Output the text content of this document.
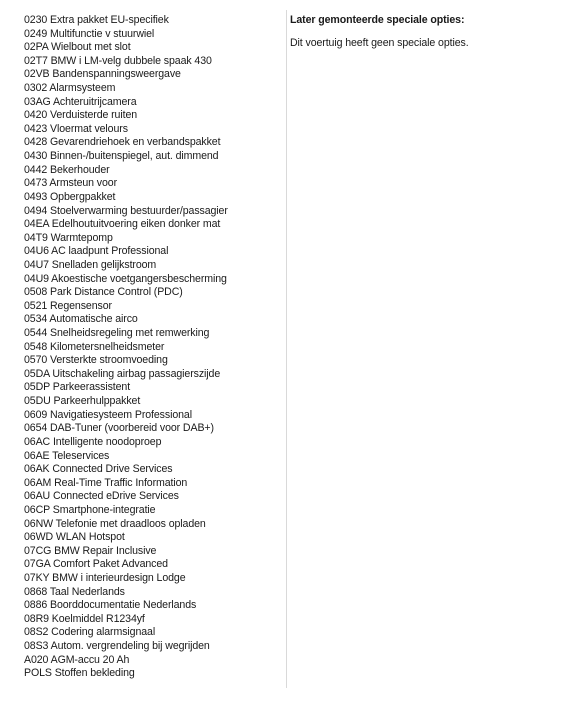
0230 Extra pakket EU-specifiek
0249 Multifunctie v stuurwiel
02PA Wielbout met slot
02T7 BMW i LM-velg dubbele spaak 430
02VB Bandenspanningsweergave
0302 Alarmsysteem
03AG Achteruitrijcamera
0420 Verduisterde ruiten
0423 Vloermat velours
0428 Gevarendriehoek en verbandspakket
0430 Binnen-/buitenspiegel, aut. dimmend
0442 Bekerhouder
0473 Armsteun voor
0493 Opbergpakket
0494 Stoelverwarming bestuurder/passagier
04EA Edelhoutuitvoering eiken donker mat
04T9 Warmtepomp
04U6 AC laadpunt Professional
04U7 Snelladen gelijkstroom
04U9 Akoestische voetgangersbescherming
0508 Park Distance Control (PDC)
0521 Regensensor
0534 Automatische airco
0544 Snelheidsregeling met remwerking
0548 Kilometersnelheidsmeter
0570 Versterkte stroomvoeding
05DA Uitschakeling airbag passagierszijde
05DP Parkeerassistent
05DU Parkeerhulppakket
0609 Navigatiesysteem Professional
0654 DAB-Tuner (voorbereid voor DAB+)
06AC Intelligente noodoproep
06AE Teleservices
06AK Connected Drive Services
06AM Real-Time Traffic Information
06AU Connected eDrive Services
06CP Smartphone-integratie
06NW Telefonie met draadloos opladen
06WD WLAN Hotspot
07CG BMW Repair Inclusive
07GA Comfort Paket Advanced
07KY BMW i interieurdesign Lodge
0868 Taal Nederlands
0886 Boorddocumentatie Nederlands
08R9 Koelmiddel R1234yf
08S2 Codering alarmsignaal
08S3 Autom. vergrendeling bij wegrijden
A020 AGM-accu 20 Ah
POLS Stoffen bekleding

Later gemonteerde speciale opties:

Dit voertuig heeft geen speciale opties.
